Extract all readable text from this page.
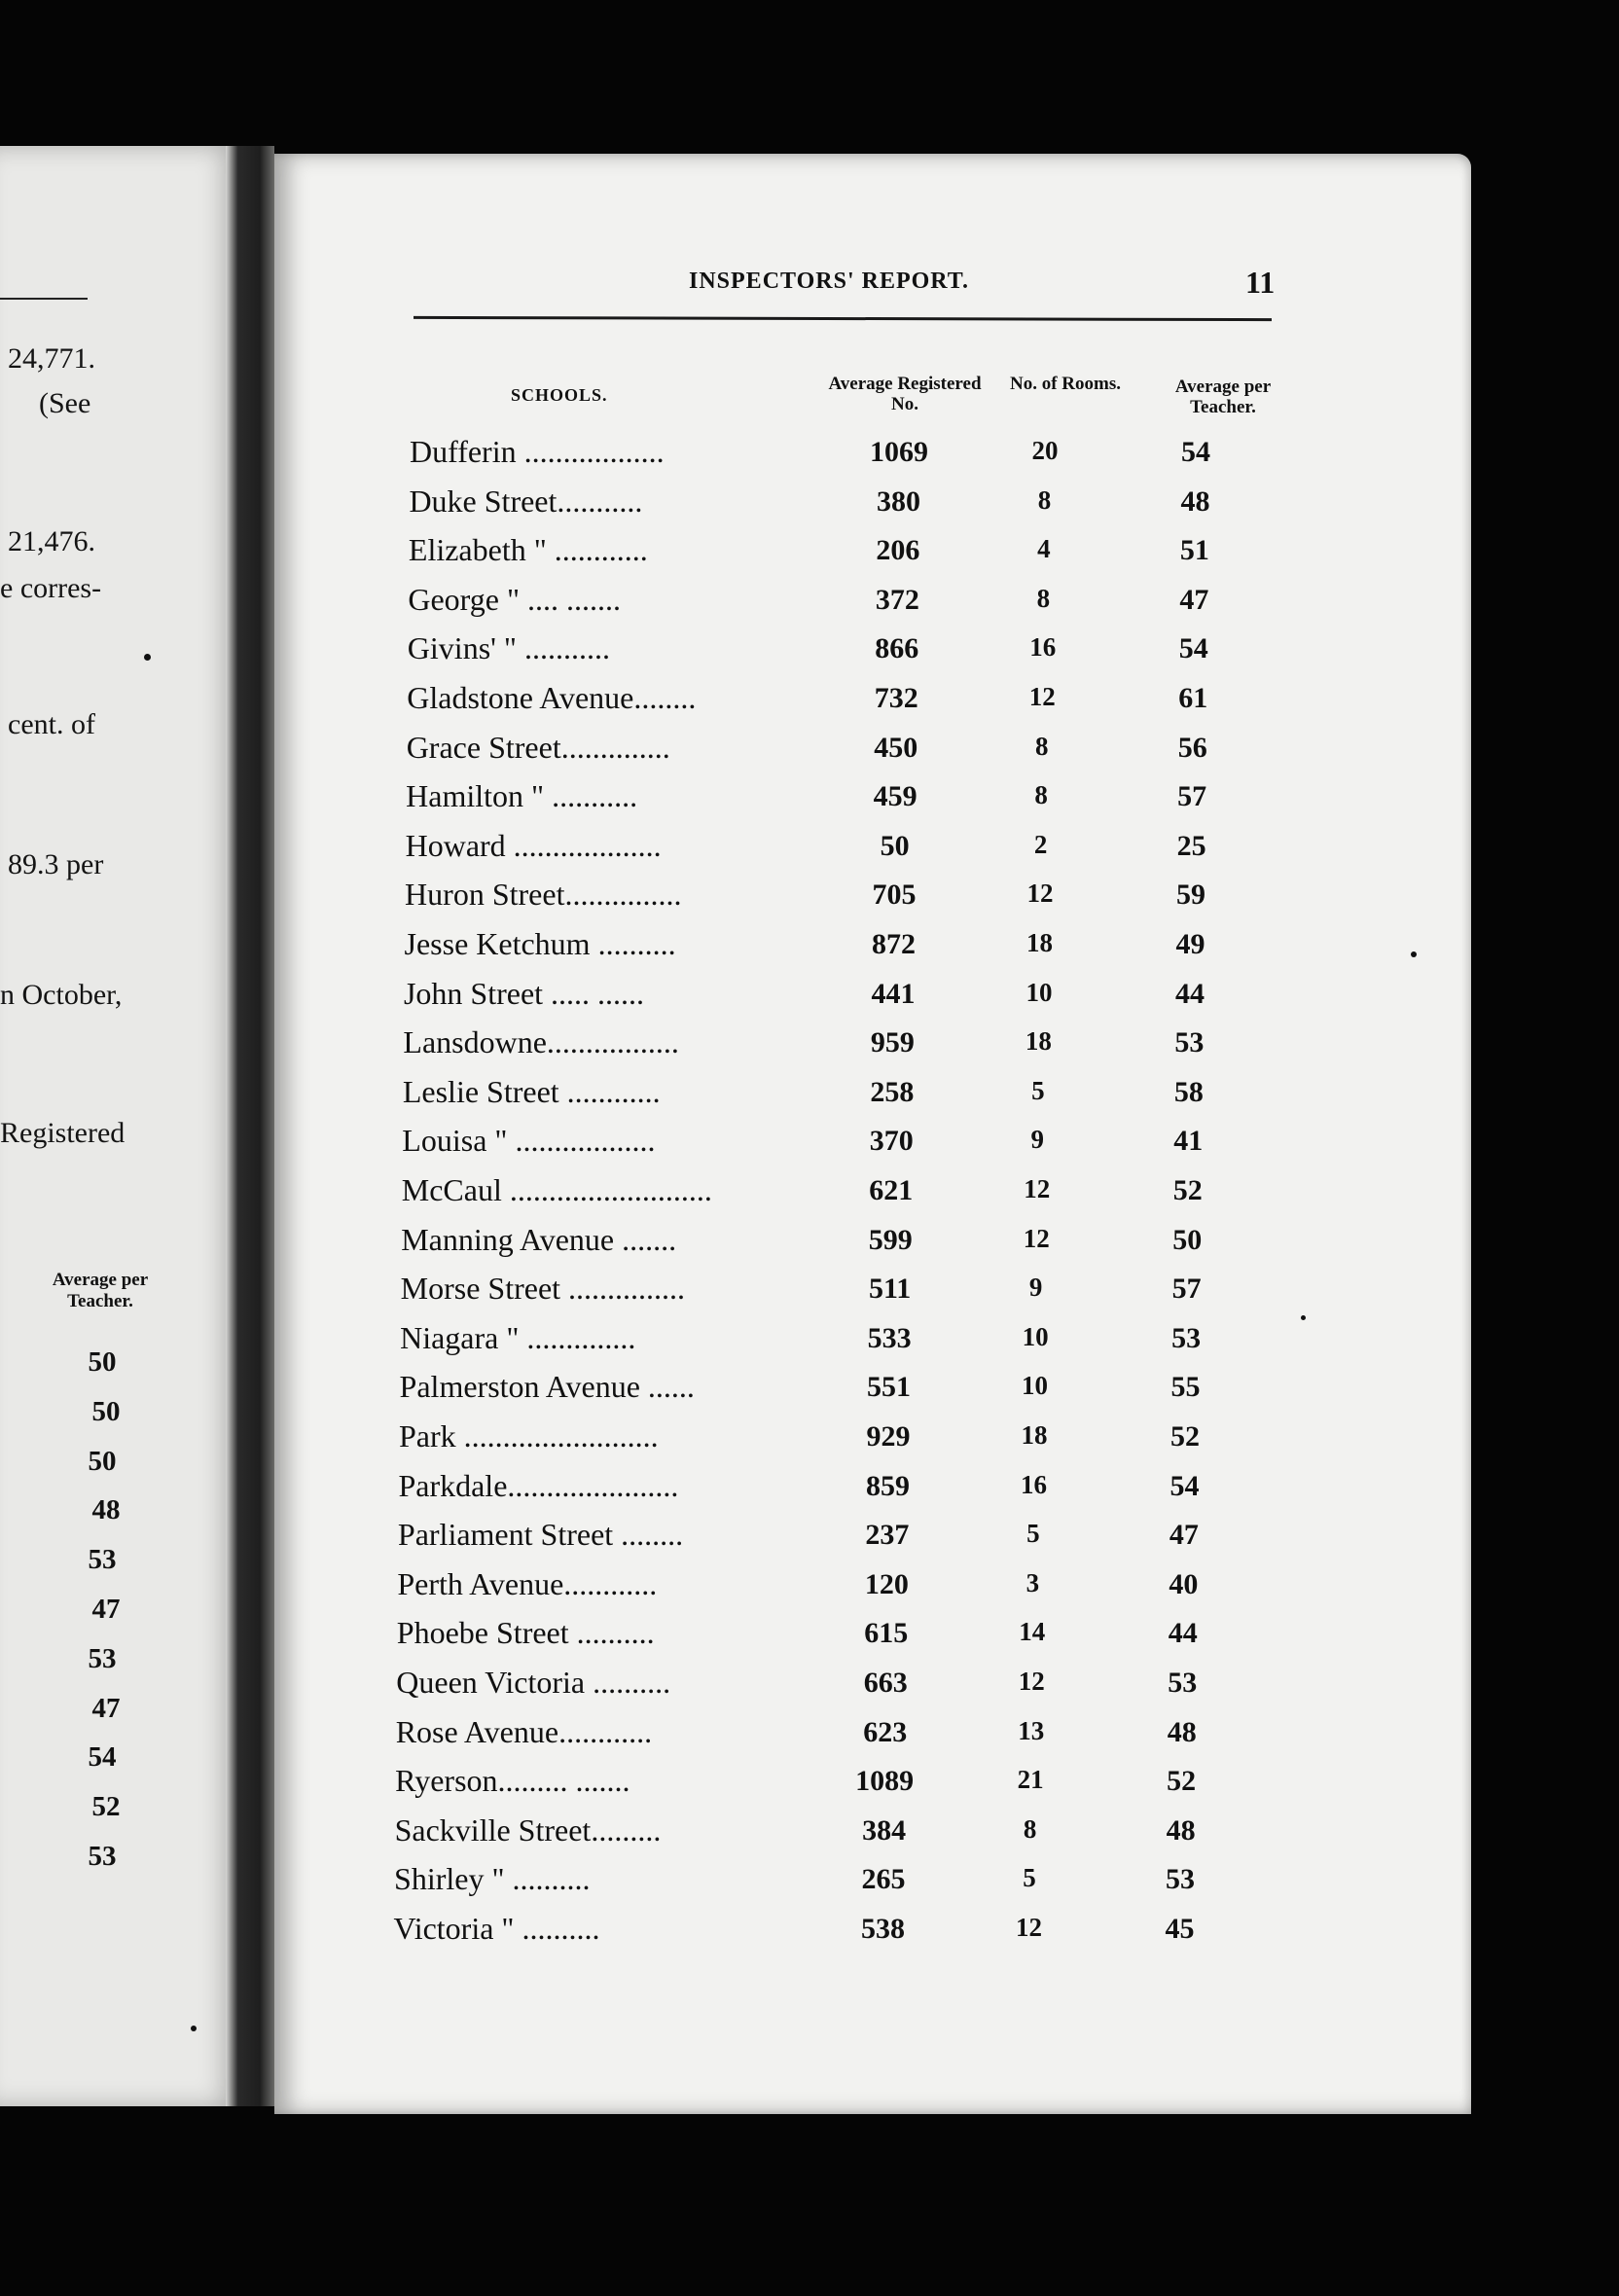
24,771.
(See
21,476.
e corres-
cent. of
89.3 per
n October,
Registered
Average per Teacher.
50
50
50
48
53
47
53
47
54
52
53
INSPECTORS' REPORT.	11
SCHOOLS.
Average Registered No.
No. of Rooms.	Average per Teacher.
Dufferin ..................	1069	20	54
Duke Street...........	380	8	48
Elizabeth " ............	206	4	51
George " .... .......	372	8	47
Givins' " ...........	866	16	54
Gladstone Avenue........	732	12	61
Grace Street..............	450	8	56
Hamilton " ...........	459	8	57
Howard ...................	50	2	25
Huron Street...............	705	12	59
Jesse Ketchum ..........	872	18	49
John Street ..... ......	441	10	44
Lansdowne.................	959	18	53
Leslie Street ............	258	5	58
Louisa " ..................	370	9	41
McCaul ..........................	621	12	52
Manning Avenue .......	599	12	50
Morse Street ...............	511	9	57
Niagara " ..............	533	10	53
Palmerston Avenue ......	551	10	55
Park .........................	929	18	52
Parkdale......................	859	16	54
Parliament Street ........	237	5	47
Perth Avenue............	120	3	40
Phoebe Street ..........	615	14	44
Queen Victoria ..........	663	12	53
Rose Avenue............	623	13	48
Ryerson......... .......	1089	21	52
Sackville Street.........	384	8	48
Shirley " ..........	265	5	53
Victoria " ..........	538	12	45
